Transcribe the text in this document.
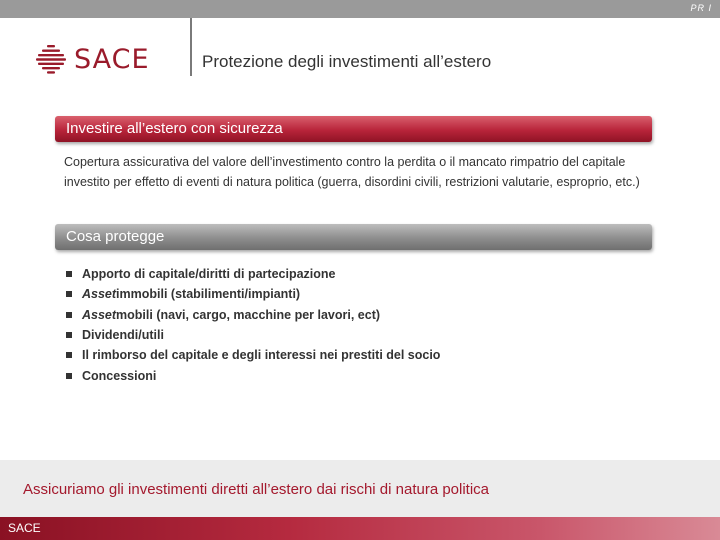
PR I
SACE	Protezione degli investimenti all’estero
Investire all’estero con sicurezza

Copertura assicurativa del valore dell’investimento contro la perdita o il mancato rimpatrio del capitale investito per effetto di eventi di natura politica (guerra, disordini civili, restrizioni valutarie, esproprio, etc.)

Cosa protegge
Apporto di capitale/diritti di partecipazione
Asset immobili (stabilimenti/impianti)
Asset mobili (navi, cargo, macchine per lavori, ect)
Dividendi/utili
Il rimborso del capitale e degli interessi nei prestiti del socio
Concessioni
Assicuriamo gli investimenti diretti all’estero dai rischi di natura politica
SACE
